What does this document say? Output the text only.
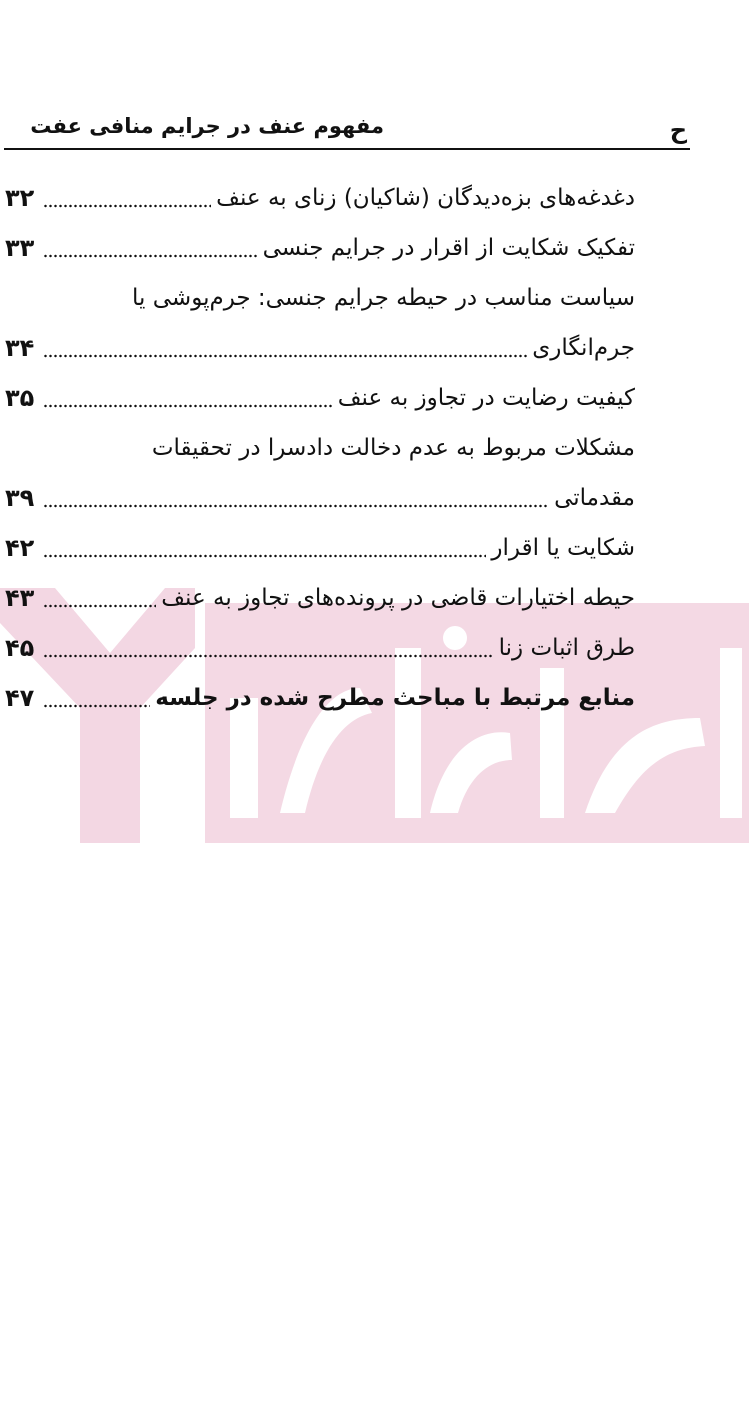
ح
مفهوم عنف در جرایم منافی عفت
دغدغه‌های بزه‌دیدگان (شاکیان) زنای به عنف
۳۲
تفکیک شکایت از اقرار در جرایم جنسی
۳۳
سیاست مناسب در حیطه جرایم جنسی: جرم‌پوشی یا
جرم‌انگاری
۳۴
کیفیت رضایت در تجاوز به عنف
۳۵
مشکلات مربوط به عدم دخالت دادسرا در تحقیقات
مقدماتی
۳۹
شکایت یا اقرار
۴۲
حیطه اختیارات قاضی در پرونده‌های تجاوز به عنف
۴۳
طرق اثبات زنا
۴۵
منابع مرتبط با مباحث مطرح شده در جلسه
۴۷
